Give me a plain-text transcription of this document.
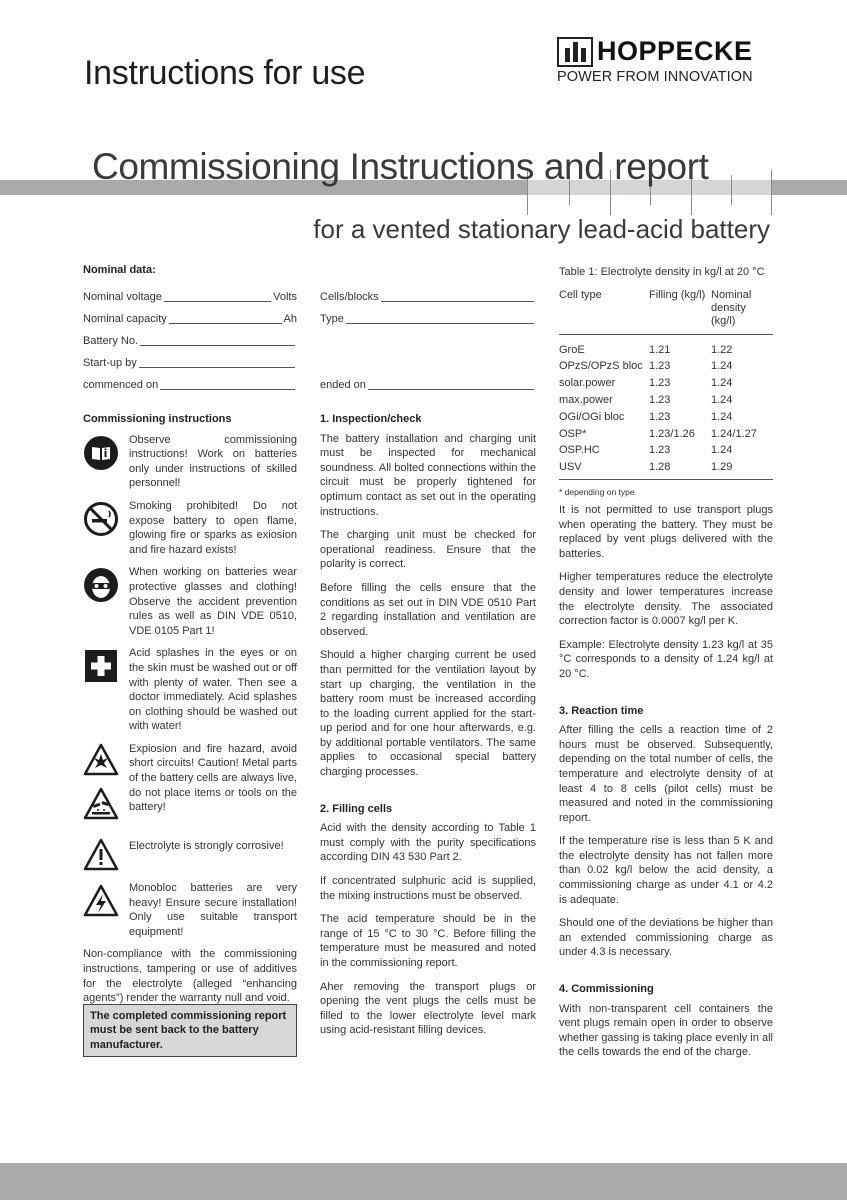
Instructions for use
HOPPECKE
POWER FROM INNOVATION
Commissioning Instructions and report
for a vented stationary lead-acid battery
Nominal data:
Nominal voltage	Volts
Nominal capacity	Ah
Battery No.
Start-up by
commenced on
Cells/blocks
Type
ended on
Commissioning instructions
Observe commissioning instructions! Work on batteries only under instructions of skilled personnel!
Smoking prohibited! Do not expose battery to open flame, glowing fire or sparks as exiosion and fire hazard exists!
When working on batteries wear protective glasses and clothing! Observe the accident prevention rules as well as DIN VDE 0510, VDE 0105 Part 1!
Acid splashes in the eyes or on the skin must be washed out or off with plenty of water. Then see a doctor immediately. Acid splashes on clothing should be washed out with water!

Expiosion and fire hazard, avoid short circuits! Caution! Metal parts of the battery cells are always live, do not place items or tools on the battery!
Electrolyte is strongly corrosive!
Monobloc batteries are very heavy! Ensure secure installation! Only use suitable transport equipment!
Non-compliance with the commissioning instructions, tampering or use of additives for the electrolyte (alleged “enhancing agents”) render the warranty null and void.
The completed commissioning report must be sent back to the battery manufacturer.
1. Inspection/check

The battery installation and charging unit must be inspected for mechanical soundness. All bolted connections within the circuit must be properly tightened for optimum contact as set out in the operating instructions.

The charging unit must be checked for operational readiness. Ensure that the polarity is correct.

Before filling the cells ensure that the conditions as set out in DIN VDE 0510 Part 2 regarding installation and ventilation are observed.

Should a higher charging current be used than permitted for the ventilation layout by start up charging, the ventilation in the battery room must be increased according to the loading current applied for the start-up period and for one hour afterwards, e.g. by additional portable ventilators. The same applies to occasional special battery charging processes.

2. Filling cells

Acid with the density according to Table 1 must comply with the purity specifications according DIN 43 530 Part 2.

If concentrated sulphuric acid is supplied, the mixing instructions must be observed.

The acid temperature should be in the range of 15 °C to 30 °C. Before filling the temperature must be measured and noted in the commissioning report.

Aher removing the transport plugs or opening the vent plugs the cells must be filled to the lower electrolyte level mark using acid-resistant filling devices.

Table 1: Electrolyte density in kg/l at 20 °C
Cell type	Filling (kg/l)	Nominal density (kg/l)
GroE	1.21	1.22
OPzS/OPzS bloc	1.23	1.24
solar.power	1.23	1.24
max.power	1.23	1.24
OGi/OGi bloc	1.23	1.24
OSP*	1.23/1.26	1.24/1.27
OSP.HC	1.23	1.24
USV	1.28	1.29
* depending on type

It is not permitted to use transport plugs when operating the battery. They must be replaced by vent plugs delivered with the batteries.

Higher temperatures reduce the electrolyte density and lower temperatures increase the electrolyte density. The associated correction factor is 0.0007 kg/l per K.

Example: Electrolyte density 1.23 kg/l at 35 °C corresponds to a density of 1.24 kg/l at 20 °C.

3. Reaction time

After filling the cells a reaction time of 2 hours must be observed. Subsequently, depending on the total number of cells, the temperature and electrolyte density of at least 4 to 8 cells (pilot cells) must be measured and noted in the commissioning report.

If the temperature rise is less than 5 K and the electrolyte density has not fallen more than 0.02 kg/l below the acid density, a commissioning charge as under 4.1 or 4.2 is adequate.

Should one of the deviations be higher than an extended commissioning charge as under 4.3 is necessary.

4. Commissioning

With non-transparent cell containers the vent plugs remain open in order to observe whether gassing is taking place evenly in all the cells towards the end of the charge.
